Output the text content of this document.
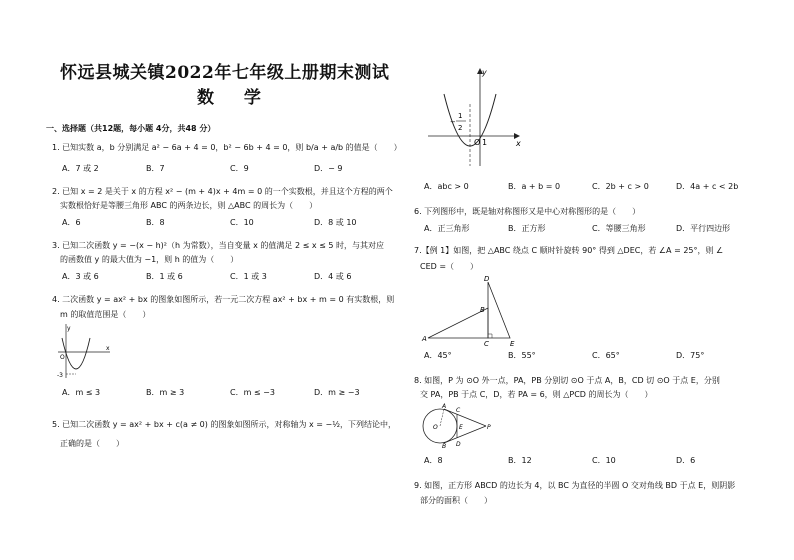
怀远县城关镇2022年七年级上册期末测试
数 学
一、选择题（共12题，每小题 4分，共48 分）
1. 已知实数 a，b 分别满足 a² − 6a + 4 = 0，b² − 6b + 4 = 0，则 b/a + a/b 的值是（　　）
A．7 或 2	B．7	C．9	D．− 9
2. 已知 x = 2 是关于 x 的方程 x² − (m + 4)x + 4m = 0 的一个实数根，并且这个方程的两个
实数根恰好是等腰三角形 ABC 的两条边长，则 △ABC 的周长为（　　）
A．6	B．8	C．10	D．8 或 10
3. 已知二次函数 y = −(x − h)²（h 为常数），当自变量 x 的值满足 2 ≤ x ≤ 5 时，与其对应
的函数值 y 的最大值为 −1，则 h 的值为（　　）
A．3 或 6	B．1 或 6	C．1 或 3	D．4 或 6
4. 二次函数 y = ax² + bx 的图象如图所示，若一元二次方程 ax² + bx + m = 0 有实数根，则
m 的取值范围是（　　）
y
x
O
-3
A．m ≤ 3	B．m ≥ 3	C．m ≤ −3	D．m ≥ −3
5. 已知二次函数 y = ax² + bx + c(a ≠ 0) 的图象如图所示，对称轴为 x = −½，下列结论中，
正确的是（　　）
y
x
O 1
−
1
2
A．abc > 0	B．a + b = 0	C．2b + c > 0	D．4a + c < 2b
6. 下列图形中，既是轴对称图形又是中心对称图形的是（　　）
A．正三角形	B．正方形	C．等腰三角形	D．平行四边形
7.【例 1】如图，把 △ABC 绕点 C 顺时针旋转 90° 得到 △DEC，若 ∠A = 25°，则 ∠
CED =（　　）
A
B
C
D
E
A．45°	B．55°	C．65°	D．75°
8. 如图，P 为 ⊙O 外一点，PA，PB 分别切 ⊙O 于点 A，B，CD 切 ⊙O 于点 E，分别
交 PA，PB 于点 C，D，若 PA = 6，则 △PCD 的周长为（　　）
O
A
B
C
D
E	P
A．8	B．12	C．10	D．6
9. 如图，正方形 ABCD 的边长为 4，以 BC 为直径的半圆 O 交对角线 BD 于点 E，则阴影
部分的面积（　　）
